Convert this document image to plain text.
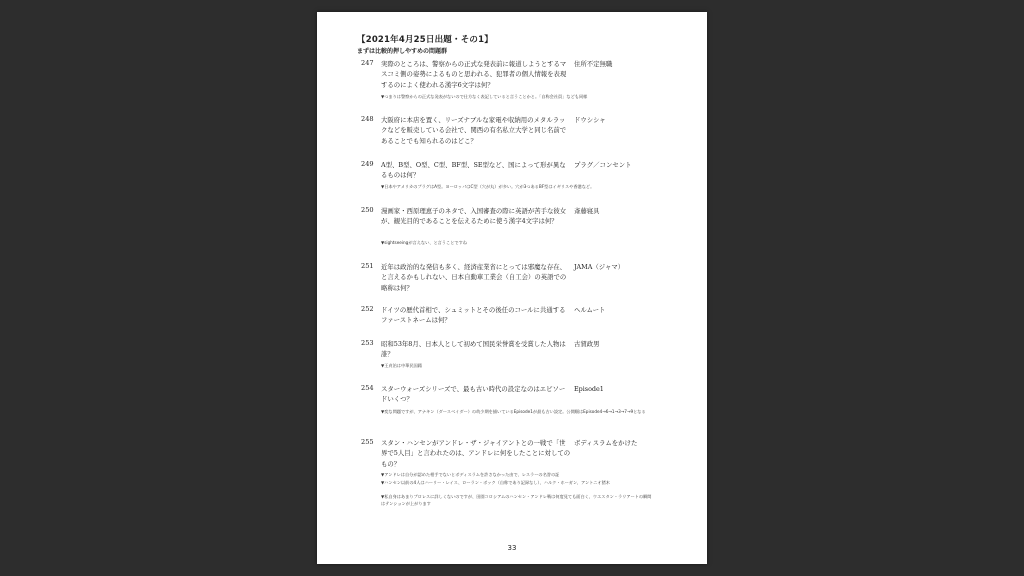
【2021年4月25日出題・その1】
まずは比較的押しやすめの問題群
247 実際のところは、警察からの正式な発表前に報道しようとするマスコミ側の姿勢によるものと思われる、犯罪者の個人情報を表現するのによく使われる漢字6文字は何？
住所不定無職
▼つまりは警察からの正式な発表がないので仕方なく表記していると言うことかと。「自称会社員」なども同様
248 大阪府に本店を置く、リーズナブルな家電や収納用のメタルラックなどを販売している会社で、関西の有名私立大学と同じ名前であることでも知られるのはどこ？
ドウシシャ
249 A型、B型、O型、C型、BF型、SE型など、国によって形が異なるものは何？
プラグ／コンセント
▼日本やアメリカのプラグはA型。ヨーロッパはC型（穴が丸）が多い。穴が3つあるBF型はイギリスや香港など。
250 漫画家・西原理恵子のネタで、入国審査の際に英語が苦手な彼女が、観光目的であることを伝えるために使う漢字4文字は何？
斎藤寝具
▼sightseeingが言えない、と言うことですね
251 近年は政治的な発信も多く、経済産業省にとっては邪魔な存在、と言えるかもしれない、日本自動車工業会（自工会）の英語での略称は何？
JAMA（ジャマ）
252 ドイツの歴代首相で、シュミットとその後任のコールに共通するファーストネームは何？
ヘルムート
253 昭和53年8月、日本人として初めて国民栄誉賞を受賞した人物は誰？
古賀政男
▼王貞治は中華民国籍
254 スターウォーズシリーズで、最も古い時代の設定なのはエピソードいくつ？
Episode1
▼変な問題ですが、アナキン（ダースベイダー）の幼少期を描いているEpisode1が最も古い設定。公開順はEpisode4→6→1→3→7→9となる
255 スタン・ハンセンがアンドレ・ザ・ジャイアントとの一戦で「世界で5人目」と言われたのは、アンドレに何をしたことに対してのもの？
ボディスラムをかけた
▼アンドレは自分が認めた相手でないとボディスラムを許さなかった由で、レスラーの名誉の証
▼ハンセン以前の4人はハーリー・レイス、ローラン・ボック（自称であり記録なし）、ハルク・ホーガン、アントニオ猪木
▼私自身はあまりプロレスに詳しくないのですが、田園コロシアムのハンセン・アンドレ戦は何度見ても面白く、ウエスタン・ラリアートの瞬間はテンションが上がります
33
